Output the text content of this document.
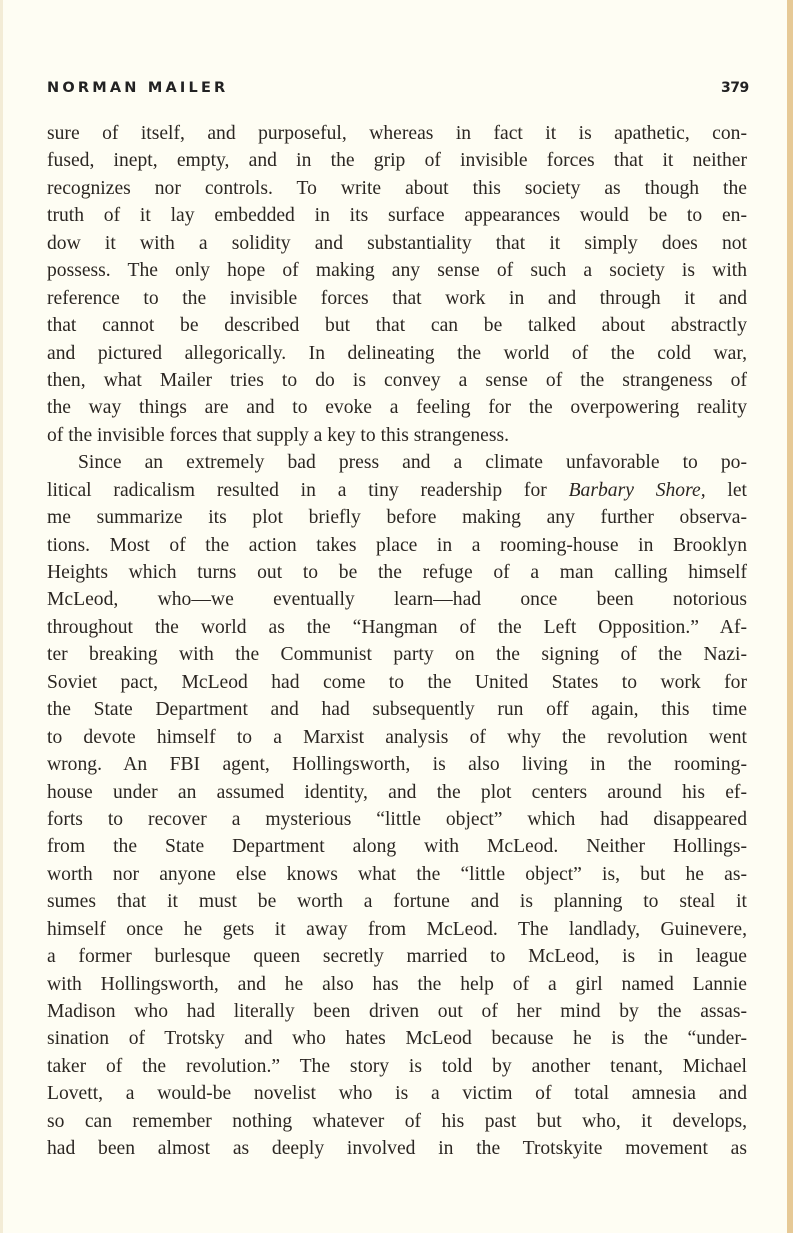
NORMAN MAILER	379
sure of itself, and purposeful, whereas in fact it is apathetic, con-
fused, inept, empty, and in the grip of invisible forces that it neither
recognizes nor controls. To write about this society as though the
truth of it lay embedded in its surface appearances would be to en-
dow it with a solidity and substantiality that it simply does not
possess. The only hope of making any sense of such a society is with
reference to the invisible forces that work in and through it and
that cannot be described but that can be talked about abstractly
and pictured allegorically. In delineating the world of the cold war,
then, what Mailer tries to do is convey a sense of the strangeness of
the way things are and to evoke a feeling for the overpowering reality
of the invisible forces that supply a key to this strangeness.
Since an extremely bad press and a climate unfavorable to po-
litical radicalism resulted in a tiny readership for Barbary Shore, let
me summarize its plot briefly before making any further observa-
tions. Most of the action takes place in a rooming-house in Brooklyn
Heights which turns out to be the refuge of a man calling himself
McLeod, who—we eventually learn—had once been notorious
throughout the world as the “Hangman of the Left Opposition.” Af-
ter breaking with the Communist party on the signing of the Nazi-
Soviet pact, McLeod had come to the United States to work for
the State Department and had subsequently run off again, this time
to devote himself to a Marxist analysis of why the revolution went
wrong. An FBI agent, Hollingsworth, is also living in the rooming-
house under an assumed identity, and the plot centers around his ef-
forts to recover a mysterious “little object” which had disappeared
from the State Department along with McLeod. Neither Hollings-
worth nor anyone else knows what the “little object” is, but he as-
sumes that it must be worth a fortune and is planning to steal it
himself once he gets it away from McLeod. The landlady, Guinevere,
a former burlesque queen secretly married to McLeod, is in league
with Hollingsworth, and he also has the help of a girl named Lannie
Madison who had literally been driven out of her mind by the assas-
sination of Trotsky and who hates McLeod because he is the “under-
taker of the revolution.” The story is told by another tenant, Michael
Lovett, a would-be novelist who is a victim of total amnesia and
so can remember nothing whatever of his past but who, it develops,
had been almost as deeply involved in the Trotskyite movement as
